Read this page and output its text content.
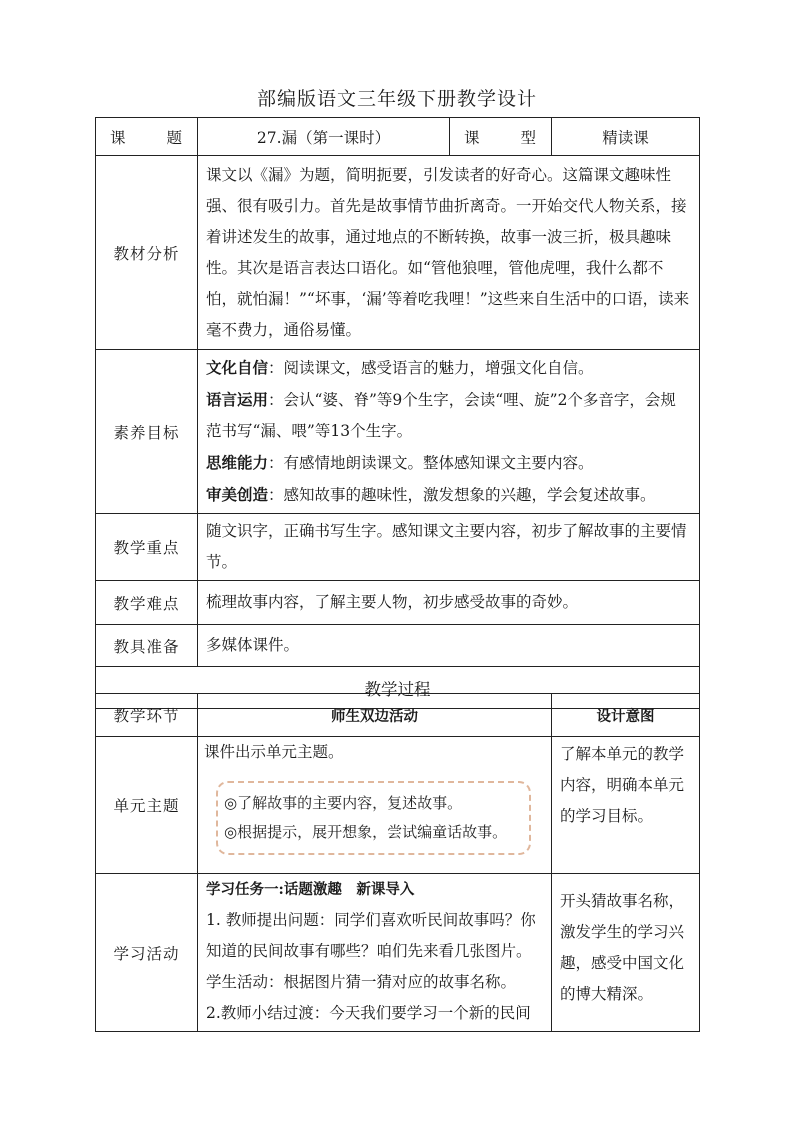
部编版语文三年级下册教学设计
课　　题	27.漏（第一课时）	课　　型	精读课
教材分析	课文以《漏》为题，简明扼要，引发读者的好奇心。这篇课文趣味性强、很有吸引力。首先是故事情节曲折离奇。一开始交代人物关系，接着讲述发生的故事，通过地点的不断转换，故事一波三折，极具趣味性。其次是语言表达口语化。如“管他狼哩，管他虎哩，我什么都不怕，就怕漏！”“坏事，‘漏’等着吃我哩！”这些来自生活中的口语，读来毫不费力，通俗易懂。		
素养目标	文化自信：阅读课文，感受语言的魅力，增强文化自信。
语言运用：会认“婆、脊”等9个生字，会读“哩、旋”2个多音字，会规范书写“漏、喂”等13个生字。
思维能力：有感情地朗读课文。整体感知课文主要内容。
审美创造：感知故事的趣味性，激发想象的兴趣，学会复述故事。		

教学重点	随文识字，正确书写生字。感知课文主要内容，初步了解故事的主要情节。		
教学难点	梳理故事内容，了解主要人物，初步感受故事的奇妙。		
教具准备	多媒体课件。		
教学过程			
教学环节	师生双边活动	设计意图
单元主题	课件出示单元主题。
◎了解故事的主要内容，复述故事。
◎根据提示，展开想象，尝试编童话故事。	了解本单元的教学内容，明确本单元的学习目标。
学习活动	学习任务一:话题激趣　新课导入
1. 教师提出问题：同学们喜欢听民间故事吗？你知道的民间故事有哪些？咱们先来看几张图片。
学生活动：根据图片猜一猜对应的故事名称。
2.教师小结过渡：今天我们要学习一个新的民间	开头猜故事名称，激发学生的学习兴趣，感受中国文化的博大精深。
